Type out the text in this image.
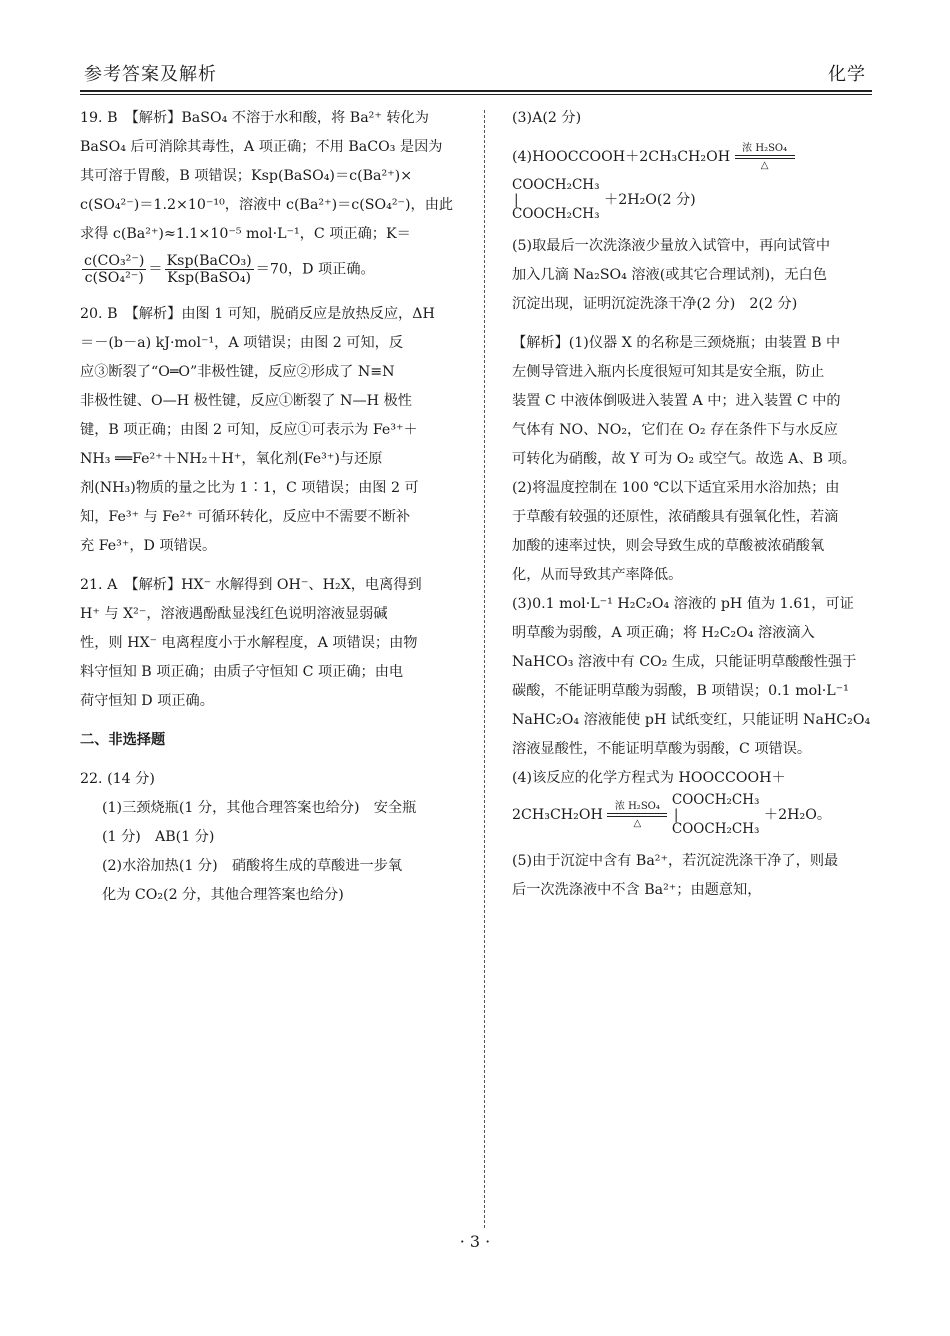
参考答案及解析	化学

19. B　【解析】BaSO₄ 不溶于水和酸，将 Ba²⁺ 转化为

BaSO₄ 后可消除其毒性，A 项正确；不用 BaCO₃ 是因为

其可溶于胃酸，B 项错误；Ksp(BaSO₄)＝c(Ba²⁺)×

c(SO₄²⁻)＝1.2×10⁻¹⁰，溶液中 c(Ba²⁺)＝c(SO₄²⁻)，由此

求得 c(Ba²⁺)≈1.1×10⁻⁵ mol·L⁻¹，C 项正确；K＝

$\frac{\text{c(CO₃²⁻)}}{\text{c(SO₄²⁻)}} = \frac{\text{Ksp(BaCO₃)}}{\text{Ksp(BaSO₄)}} =70$，D 项正确。

20. B　【解析】由图 1 可知，脱硝反应是放热反应，ΔH

＝－(b－a) kJ·mol⁻¹，A 项错误；由图 2 可知，反

应③断裂了“O═O”非极性键，反应②形成了 N≡N

非极性键、O—H 极性键，反应①断裂了 N—H 极性

键，B 项正确；由图 2 可知，反应①可表示为 Fe³⁺＋

NH₃ ══Fe²⁺＋NH₂＋H⁺，氧化剂(Fe³⁺)与还原

剂(NH₃)物质的量之比为 1∶1，C 项错误；由图 2 可

知，Fe³⁺ 与 Fe²⁺ 可循环转化，反应中不需要不断补

充 Fe³⁺，D 项错误。

21. A　【解析】HX⁻ 水解得到 OH⁻、H₂X，电离得到

H⁺ 与 X²⁻，溶液遇酚酞显浅红色说明溶液显弱碱

性，则 HX⁻ 电离程度小于水解程度，A 项错误；由物

料守恒知 B 项正确；由质子守恒知 C 项正确；由电

荷守恒知 D 项正确。

二、非选择题

22. (14 分)

(1)三颈烧瓶(1 分，其他合理答案也给分)　安全瓶

(1 分)　AB(1 分)

(2)水浴加热(1 分)　硝酸将生成的草酸进一步氧

化为 CO₂(2 分，其他合理答案也给分)

(3)A(2 分)

(4)HOOCCOOH＋2CH₃CH₂OH 浓 H₂SO₄
△

COOCH₂CH₃
|
COOCH₂CH₃ ＋2H₂O(2 分)

(5)取最后一次洗涤液少量放入试管中，再向试管中

加入几滴 Na₂SO₄ 溶液(或其它合理试剂)，无白色

沉淀出现，证明沉淀洗涤干净(2 分)　2(2 分)

【解析】(1)仪器 X 的名称是三颈烧瓶；由装置 B 中

左侧导管进入瓶内长度很短可知其是安全瓶，防止

装置 C 中液体倒吸进入装置 A 中；进入装置 C 中的

气体有 NO、NO₂，它们在 O₂ 存在条件下与水反应

可转化为硝酸，故 Y 可为 O₂ 或空气。故选 A、B 项。

(2)将温度控制在 100 ℃以下适宜采用水浴加热；由

于草酸有较强的还原性，浓硝酸具有强氧化性，若滴

加酸的速率过快，则会导致生成的草酸被浓硝酸氧

化，从而导致其产率降低。

(3)0.1 mol·L⁻¹ H₂C₂O₄ 溶液的 pH 值为 1.61，可证

明草酸为弱酸，A 项正确；将 H₂C₂O₄ 溶液滴入

NaHCO₃ 溶液中有 CO₂ 生成，只能证明草酸酸性强于

碳酸，不能证明草酸为弱酸，B 项错误；0.1 mol·L⁻¹

NaHC₂O₄ 溶液能使 pH 试纸变红，只能证明 NaHC₂O₄

溶液显酸性，不能证明草酸为弱酸，C 项错误。

(4)该反应的化学方程式为 HOOCCOOH＋

2CH₃CH₂OH 浓 H₂SO₄
△ COOCH₂CH₃
|
COOCH₂CH₃ ＋2H₂O。

(5)由于沉淀中含有 Ba²⁺，若沉淀洗涤干净了，则最

后一次洗涤液中不含 Ba²⁺；由题意知，

· 3 ·
